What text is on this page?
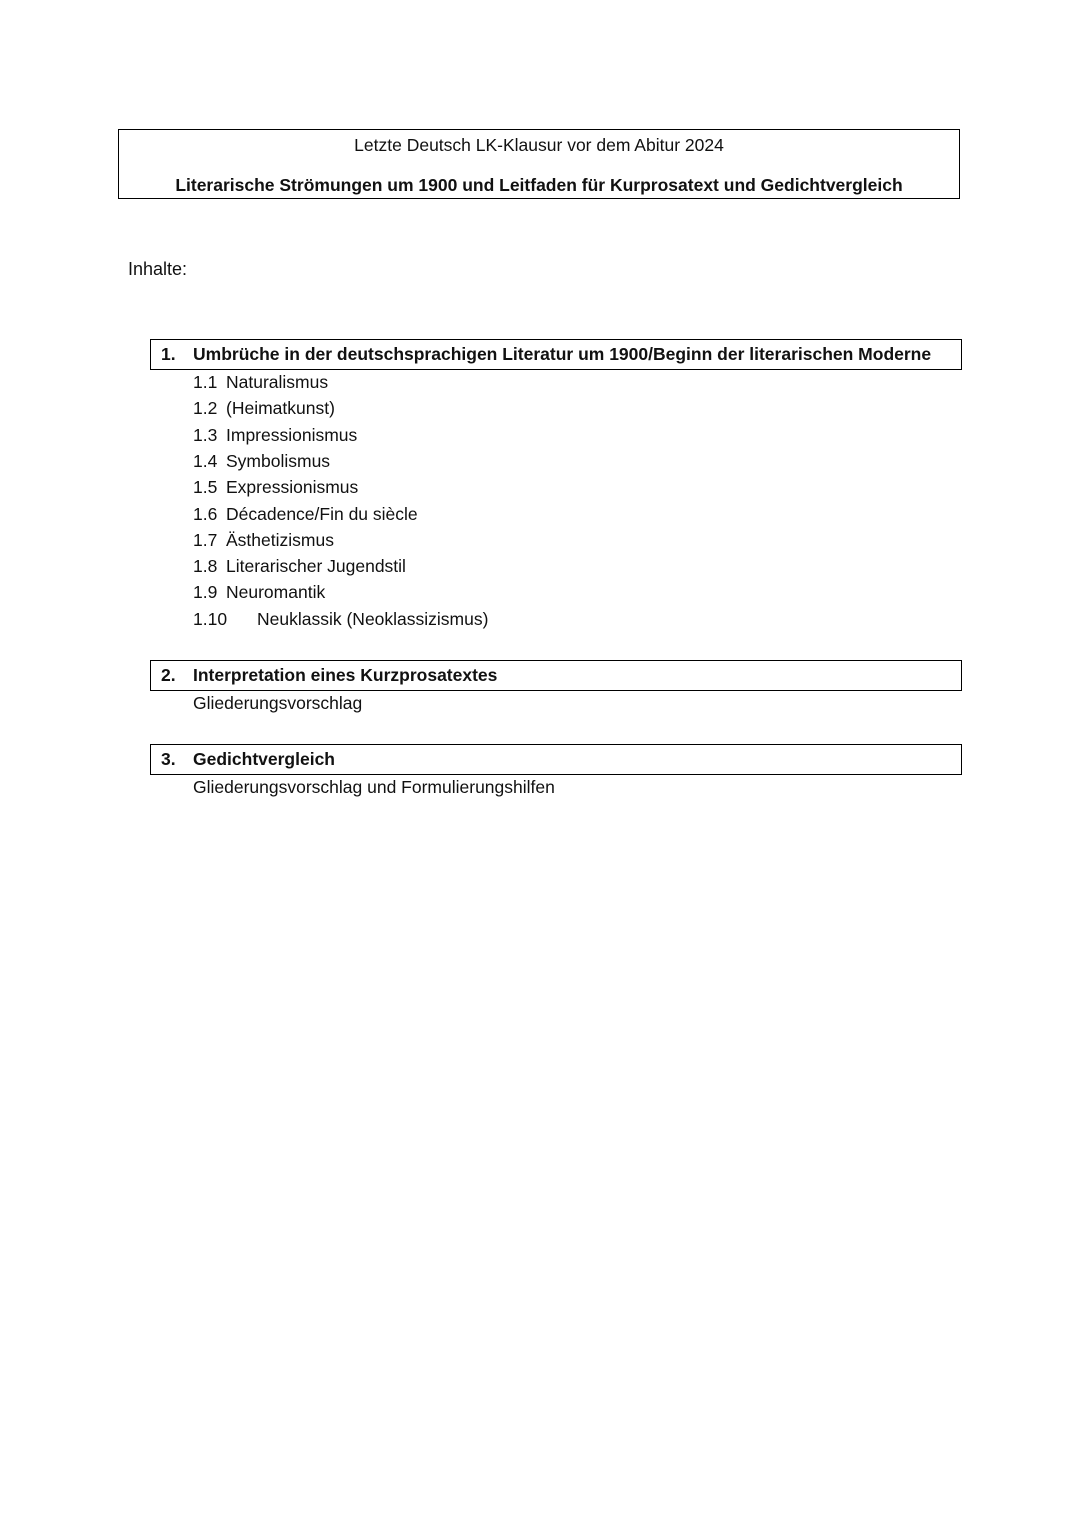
Letzte Deutsch LK-Klausur vor dem Abitur 2024
Literarische Strömungen um 1900 und Leitfaden für Kurprosatext und Gedichtvergleich
Inhalte:
1. Umbrüche in der deutschsprachigen Literatur um 1900/Beginn der literarischen Moderne
1.1 Naturalismus
1.2 (Heimatkunst)
1.3 Impressionismus
1.4 Symbolismus
1.5 Expressionismus
1.6 Décadence/Fin du siècle
1.7 Ästhetizismus
1.8 Literarischer Jugendstil
1.9 Neuromantik
1.10 Neuklassik (Neoklassizismus)
2. Interpretation eines Kurzprosatextes
Gliederungsvorschlag
3. Gedichtvergleich
Gliederungsvorschlag und Formulierungshilfen
